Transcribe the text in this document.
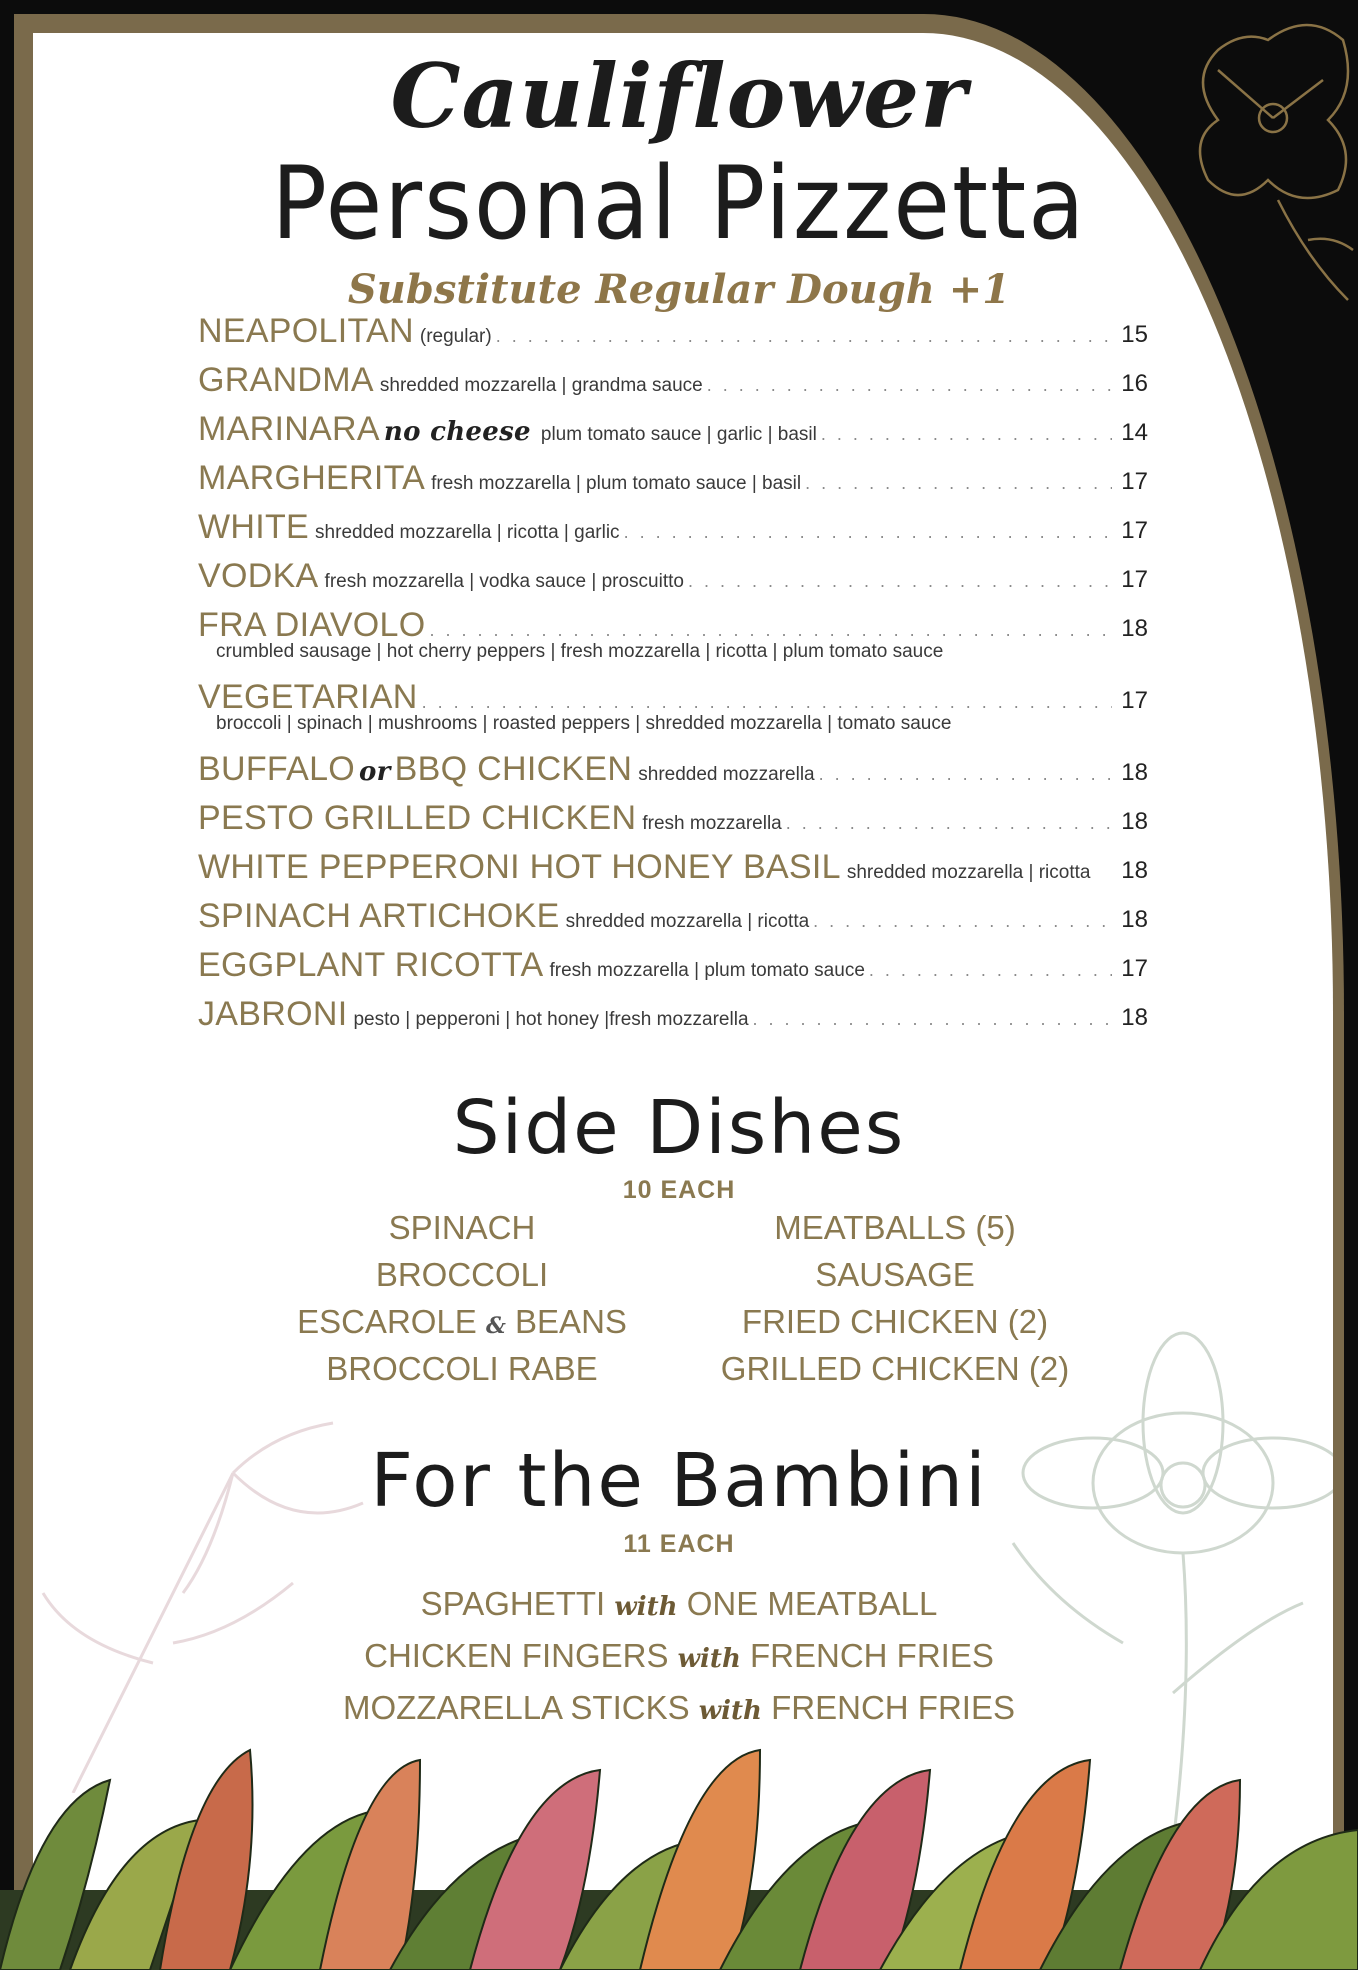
Cauliflower
Personal Pizzetta
Substitute Regular Dough +1
NEAPOLITAN (regular) . . .	15
GRANDMA shredded mozzarella | grandma sauce . . .	16
MARINARA no cheese plum tomato sauce | garlic | basil . . .	14
MARGHERITA fresh mozzarella | plum tomato sauce | basil . . .	17
WHITE shredded mozzarella | ricotta | garlic . . .	17
VODKA fresh mozzarella | vodka sauce | proscuitto . . .	17
FRA DIAVOLO . . .	18
crumbled sausage | hot cherry peppers | fresh mozzarella | ricotta | plum tomato sauce
VEGETARIAN . . .	17
broccoli | spinach | mushrooms | roasted peppers | shredded mozzarella | tomato sauce
BUFFALO or BBQ CHICKEN shredded mozzarella . . .	18
PESTO GRILLED CHICKEN fresh mozzarella . . .	18
WHITE PEPPERONI HOT HONEY BASIL shredded mozzarella | ricotta 18
SPINACH ARTICHOKE shredded mozzarella | ricotta . . .	18
EGGPLANT RICOTTA fresh mozzarella | plum tomato sauce . . .	17
JABRONI pesto | pepperoni | hot honey |fresh mozzarella . . .	18
Side Dishes
10 EACH
SPINACH
BROCCOLI
ESCAROLE & BEANS
BROCCOLI RABE
MEATBALLS (5)
SAUSAGE
FRIED CHICKEN (2)
GRILLED CHICKEN (2)
For the Bambini
11 EACH
SPAGHETTI with ONE MEATBALL
CHICKEN FINGERS with FRENCH FRIES
MOZZARELLA STICKS with FRENCH FRIES
